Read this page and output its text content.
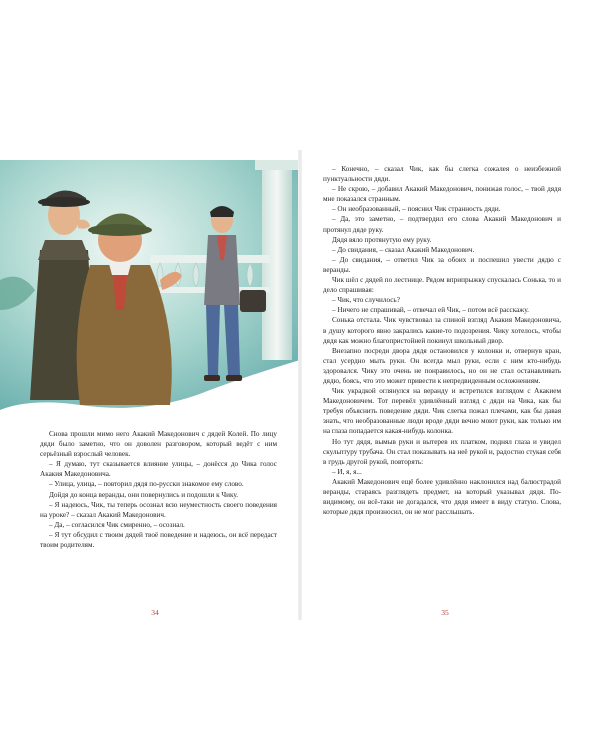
Снова прошли мимо него Акакий Македонович с дядей Колей. По лицу дяди было заметно, что он доволен разговором, который ведёт с ним серьёзный взрослый человек.

– Я думаю, тут сказывается влияние улицы, – донёсся до Чика голос Акакия Македоновича.

– Улица, улица, – повторил дядя по-русски знакомое ему слово.

Дойдя до конца веранды, они повернулись и подошли к Чику.

– Я надеюсь, Чик, ты теперь осознал всю неуместность своего поведения на уроке? – сказал Акакий Македонович.

– Да, – согласился Чик смиренно, – осознал.

– Я тут обсудил с твоим дядей твоё поведение и надеюсь, он всё передаст твоим родителям.

34

– Конечно, – сказал Чик, как бы слегка сожалея о неизбежной пунктуальности дяди.

– Не скрою, – добавил Акакий Македонович, понижая голос, – твой дядя мне показался странным.

– Он необразованный, – пояснил Чик странность дяди.

– Да, это заметно, – подтвердил его слова Акакий Македонович и протянул дяде руку.

Дядя вяло протянутую ему руку.

– До свидания, – сказал Акакий Македонович.

– До свидания, – ответил Чик за обоих и поспешил увести дядю с веранды.

Чик шёл с дядей по лестнице. Рядом вприпрыжку спускалась Сонька, то и дело спрашивая:

– Чик, что случилось?

– Ничего не спрашивай, – отвечал ей Чик, – потом всё расскажу.

Сонька отстала. Чик чувствовал за спиной взгляд Акакия Македоновича, в душу которого явно закрались какие-то подозрения. Чику хотелось, чтобы дядя как можно благопристойней покинул школьный двор.

Внезапно посреди двора дядя остановился у колонки и, отвернув кран, стал усердно мыть руки. Он всегда мыл руки, если с ним кто-нибудь здоровался. Чику это очень не понравилось, но он не стал останавливать дядю, боясь, что это может привести к непредвиденным осложнениям.

Чик украдкой оглянулся на веранду и встретился взглядом с Акакием Македоновичем. Тот перевёл удивлённый взгляд с дяди на Чика, как бы требуя объяснить поведение дяди. Чик слегка пожал плечами, как бы давая знать, что необразованные люди вроде дяди вечно моют руки, как только им на глаза попадается какая-нибудь колонка.

Но тут дядя, вымыв руки и вытерев их платком, поднял глаза и увидел скульптуру трубача. Он стал показывать на неё рукой и, радостно стукая себя в грудь другой рукой, повторять:

– И, я, я...

Акакий Македонович ещё более удивлённо наклонился над балюстрадой веранды, стараясь разглядеть предмет, на который указывал дядя. По-видимому, он всё-таки не догадался, что дядя имеет в виду статую. Слова, которые дядя произносил, он не мог расслышать.

35
